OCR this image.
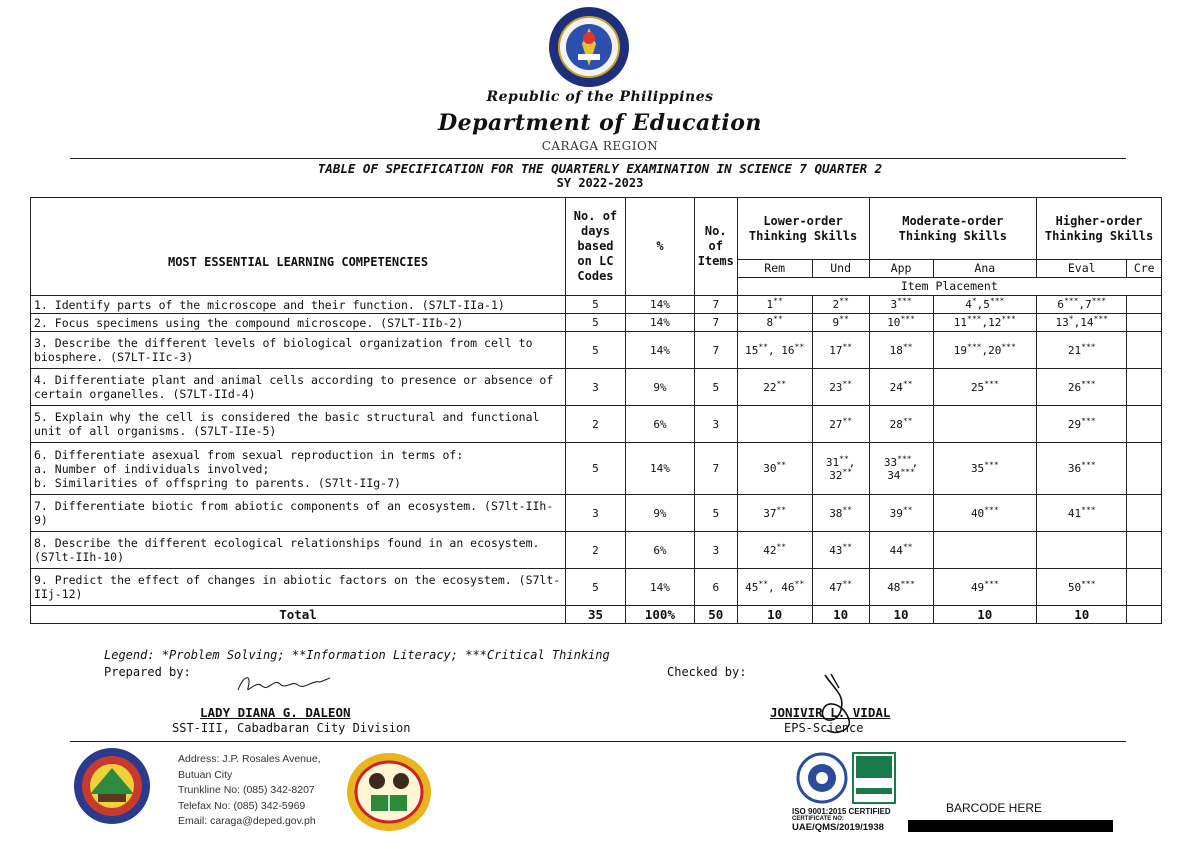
Republic of the Philippines
Department of Education
CARAGA REGION
TABLE OF SPECIFICATION FOR THE QUARTERLY EXAMINATION IN SCIENCE 7 QUARTER 2
SY 2022-2023
MOST ESSENTIAL LEARNING COMPETENCIES	No. of days based on LC Codes	%	No. of Items	Lower-order Thinking Skills		Moderate-order Thinking Skills		Higher-order Thinking Skills	
				Rem	Und	App	Ana	Eval	Cre
				Item Placement					
1. Identify parts of the microscope and their function. (S7LT-IIa-1)	5	14%	7	1**	2**	3***	4*,5***	6***,7***	
2. Focus specimens using the compound microscope. (S7LT-IIb-2)	5	14%	7	8**	9**	10***	11***,12***	13*,14***	
3. Describe the different levels of biological organization from cell to biosphere. (S7LT-IIc-3)	5	14%	7	15**, 16**	17**	18**	19***,20***	21***	
4. Differentiate plant and animal cells according to presence or absence of certain organelles. (S7LT-IId-4)	3	9%	5	22**	23**	24**	25***	26***	
5. Explain why the cell is considered the basic structural and functional unit of all organisms. (S7LT-IIe-5)	2	6%	3		27**	28**		29***	
6. Differentiate asexual from sexual reproduction in terms of:
a. Number of individuals involved;
b. Similarities of offspring to parents. (S7lt-IIg-7)	5	14%	7	30**	31**, 32**	33***, 34***	35***	36***	
7. Differentiate biotic from abiotic components of an ecosystem. (S7lt-IIh-9)	3	9%	5	37**	38**	39**	40***	41***	
8. Describe the different ecological relationships found in an ecosystem. (S7lt-IIh-10)	2	6%	3	42**	43**	44**			
9. Predict the effect of changes in abiotic factors on the ecosystem. (S7lt-IIj-12)	5	14%	6	45**, 46**	47**	48***	49***	50***	
Total	35	100%	50	10	10	10	10	10	
Legend: *Problem Solving; **Information Literacy; ***Critical Thinking
Prepared by:
LADY DIANA G. DALEON
SST-III, Cabadbaran City Division
Checked by:
JONIVIR L. VIDAL
EPS-Science
Address: J.P. Rosales Avenue,
Butuan City
Trunkline No: (085) 342-8207
Telefax No: (085) 342-5969
Email: caraga@deped.gov.ph
ISO 9001:2015 CERTIFIED
CERTIFICATE NO:
UAE/QMS/2019/1938
BARCODE HERE
